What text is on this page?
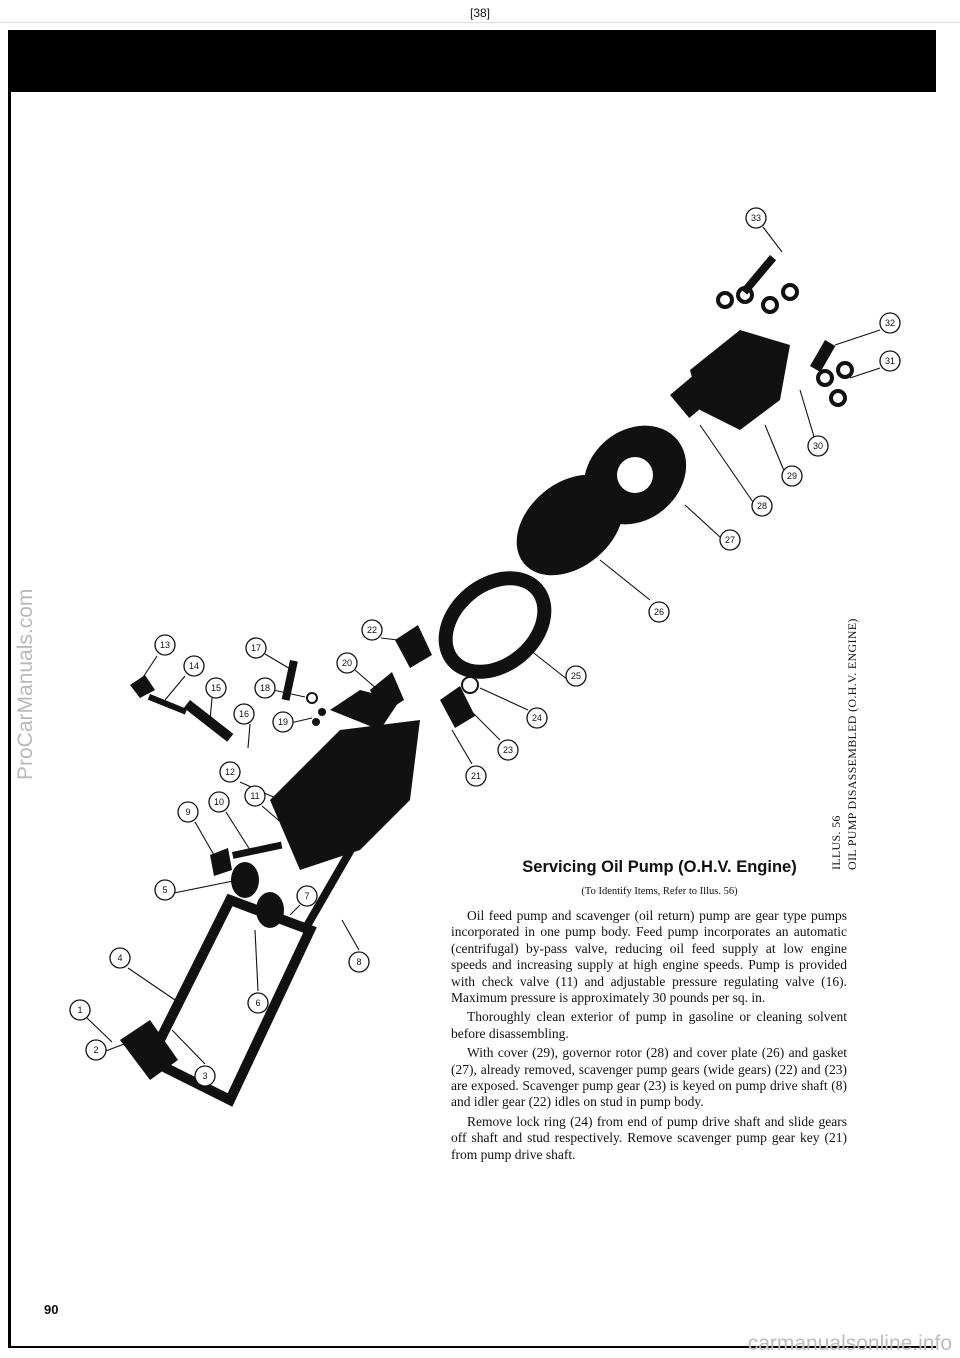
[38]
ProCarManuals.com
carmanualsonline.info
1
2
3
4
5
6
7
8
9
10
11
12
13
14
15
16
17
18
19
20
21
22
23
24
25
26
27
28
29
30
31
32
33
ILLUS. 56 OIL PUMP DISASSEMBLED (O.H.V. ENGINE)
Servicing Oil Pump (O.H.V. Engine)
(To Identify Items, Refer to Illus. 56)

Oil feed pump and scavenger (oil return) pump are gear type pumps incorporated in one pump body. Feed pump incorporates an automatic (centrifugal) by-pass valve, reducing oil feed supply at low engine speeds and increasing supply at high engine speeds. Pump is provided with check valve (11) and adjustable pressure regulating valve (16). Maximum pressure is approximately 30 pounds per sq. in.

Thoroughly clean exterior of pump in gasoline or cleaning solvent before disassembling.

With cover (29), governor rotor (28) and cover plate (26) and gasket (27), already removed, scavenger pump gears (wide gears) (22) and (23) are exposed. Scavenger pump gear (23) is keyed on pump drive shaft (8) and idler gear (22) idles on stud in pump body.

Remove lock ring (24) from end of pump drive shaft and slide gears off shaft and stud respectively. Remove scavenger pump gear key (21) from pump drive shaft.

90
